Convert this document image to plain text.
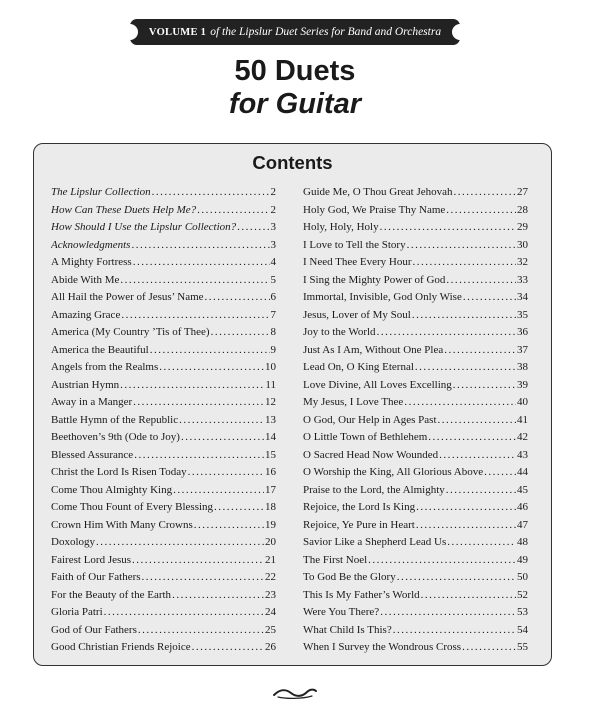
VOLUME 1 of the Lipslur Duet Series for Band and Orchestra
50 Duets
for Guitar
Contents
The Lipslur Collection .....	2
How Can These Duets Help Me? .....	2
How Should I Use the Lipslur Collection? .....	3
Acknowledgments .....	3
A Mighty Fortress .....	4
Abide With Me .....	5
All Hail the Power of Jesus’ Name .....	6
Amazing Grace .....	7
America (My Country ’Tis of Thee) .....	8
America the Beautiful .....	9
Angels from the Realms .....	10
Austrian Hymn .....	11
Away in a Manger .....	12
Battle Hymn of the Republic .....	13
Beethoven’s 9th (Ode to Joy) .....	14
Blessed Assurance .....	15
Christ the Lord Is Risen Today .....	16
Come Thou Almighty King .....	17
Come Thou Fount of Every Blessing .....	18
Crown Him With Many Crowns .....	19
Doxology .....	20
Fairest Lord Jesus .....	21
Faith of Our Fathers .....	22
For the Beauty of the Earth .....	23
Gloria Patri .....	24
God of Our Fathers .....	25
Good Christian Friends Rejoice .....	26
Guide Me, O Thou Great Jehovah .....	27
Holy God, We Praise Thy Name .....	28
Holy, Holy, Holy .....	29
I Love to Tell the Story .....	30
I Need Thee Every Hour .....	32
I Sing the Mighty Power of God .....	33
Immortal, Invisible, God Only Wise .....	34
Jesus, Lover of My Soul .....	35
Joy to the World .....	36
Just As I Am, Without One Plea .....	37
Lead On, O King Eternal .....	38
Love Divine, All Loves Excelling .....	39
My Jesus, I Love Thee .....	40
O God, Our Help in Ages Past .....	41
O Little Town of Bethlehem .....	42
O Sacred Head Now Wounded .....	43
O Worship the King, All Glorious Above .....	44
Praise to the Lord, the Almighty .....	45
Rejoice, the Lord Is King .....	46
Rejoice, Ye Pure in Heart .....	47
Savior Like a Shepherd Lead Us .....	48
The First Noel .....	49
To God Be the Glory .....	50
This Is My Father’s World .....	52
Were You There? .....	53
What Child Is This? .....	54
When I Survey the Wondrous Cross .....	55
